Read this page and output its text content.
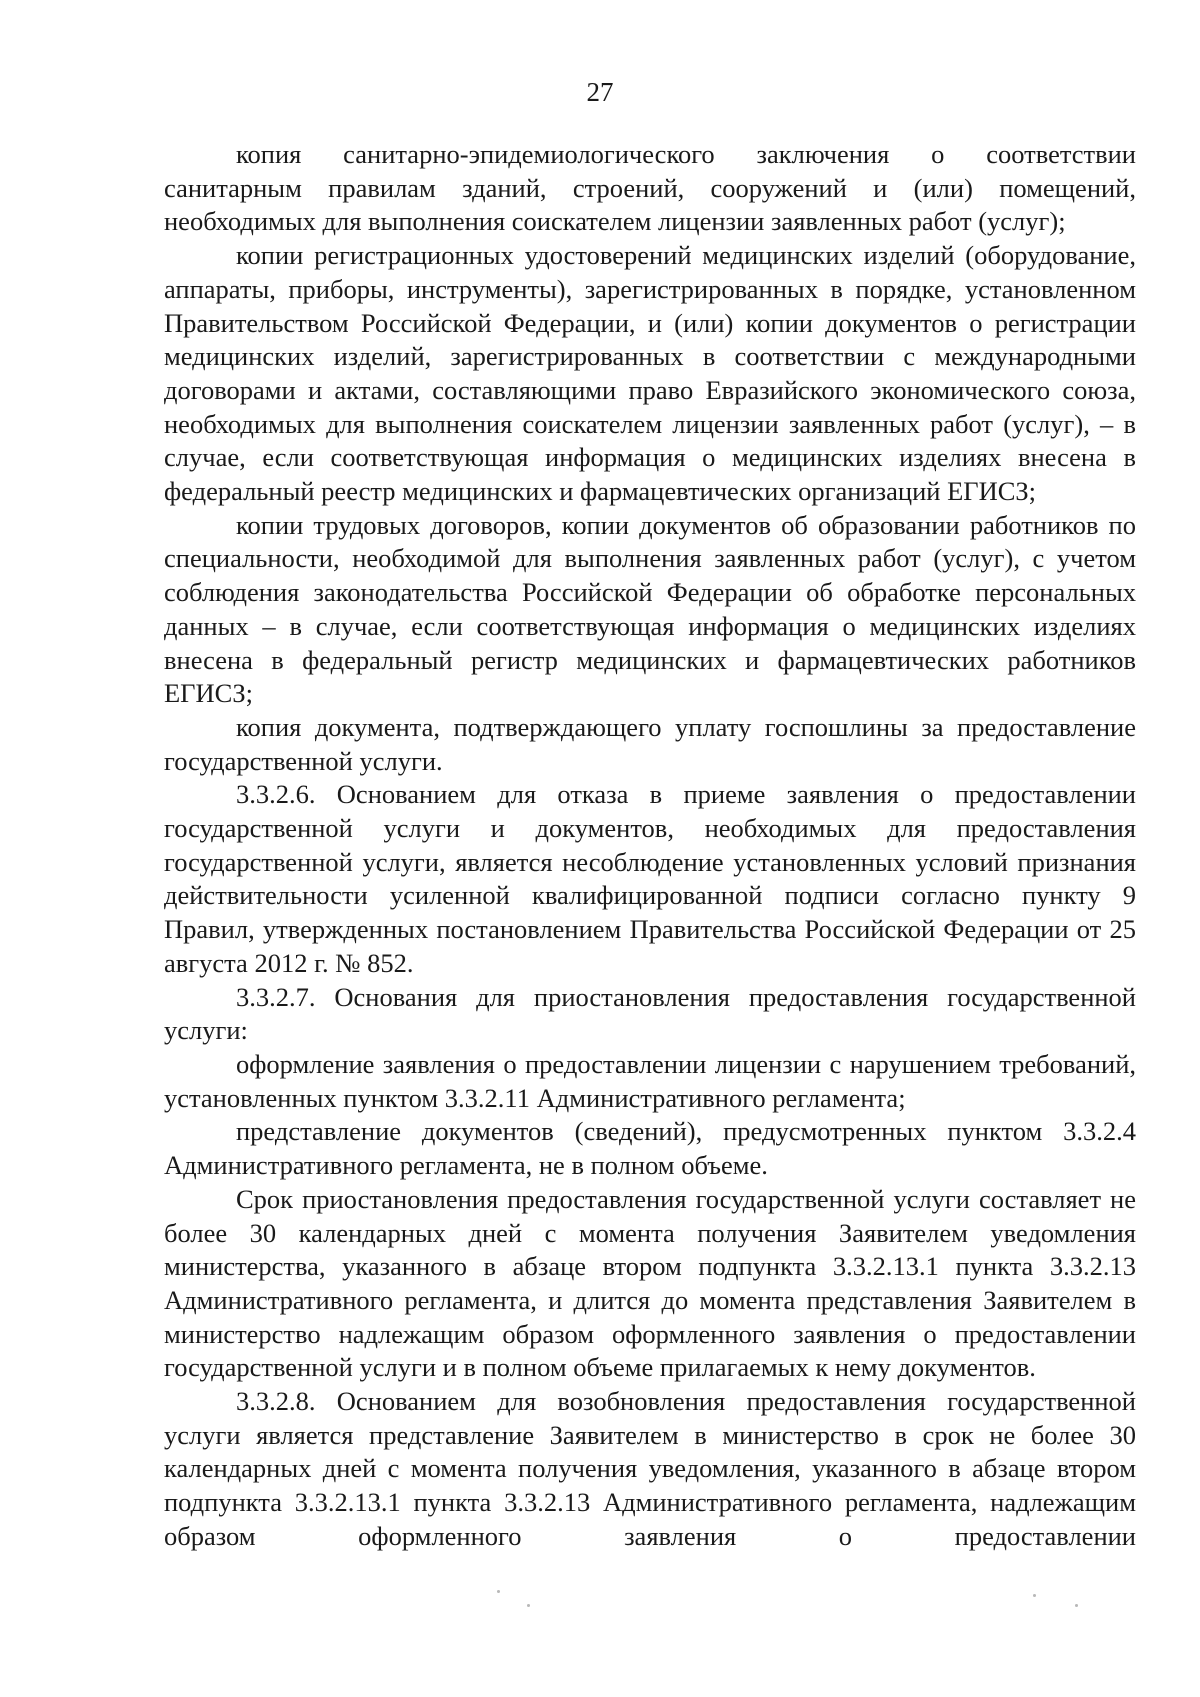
27

копия санитарно-эпидемиологического заключения о соответствии санитарным правилам зданий, строений, сооружений и (или) помещений, необходимых для выполнения соискателем лицензии заявленных работ (услуг);

копии регистрационных удостоверений медицинских изделий (оборудование, аппараты, приборы, инструменты), зарегистрированных в порядке, установленном Правительством Российской Федерации, и (или) копии документов о регистрации медицинских изделий, зарегистрированных в соответствии с международными договорами и актами, составляющими право Евразийского экономического союза, необходимых для выполнения соискателем лицензии заявленных работ (услуг), – в случае, если соответствующая информация о медицинских изделиях внесена в федеральный реестр медицинских и фармацевтических организаций ЕГИСЗ;

копии трудовых договоров, копии документов об образовании работников по специальности, необходимой для выполнения заявленных работ (услуг), с учетом соблюдения законодательства Российской Федерации об обработке персональных данных – в случае, если соответствующая информация о медицинских изделиях внесена в федеральный регистр медицинских и фармацевтических работников ЕГИСЗ;

копия документа, подтверждающего уплату госпошлины за предоставление государственной услуги.

3.3.2.6. Основанием для отказа в приеме заявления о предоставлении государственной услуги и документов, необходимых для предоставления государственной услуги, является несоблюдение установленных условий признания действительности усиленной квалифицированной подписи согласно пункту 9 Правил, утвержденных постановлением Правительства Российской Федерации от 25 августа 2012 г. № 852.

3.3.2.7. Основания для приостановления предоставления государственной услуги:

оформление заявления о предоставлении лицензии с нарушением требований, установленных пунктом 3.3.2.11 Административного регламента;

представление документов (сведений), предусмотренных пунктом 3.3.2.4 Административного регламента, не в полном объеме.

Срок приостановления предоставления государственной услуги составляет не более 30 календарных дней с момента получения Заявителем уведомления министерства, указанного в абзаце втором подпункта 3.3.2.13.1 пункта 3.3.2.13 Административного регламента, и длится до момента представления Заявителем в министерство надлежащим образом оформленного заявления о предоставлении государственной услуги и в полном объеме прилагаемых к нему документов.

3.3.2.8. Основанием для возобновления предоставления государственной услуги является представление Заявителем в министерство в срок не более 30 календарных дней с момента получения уведомления, указанного в абзаце втором подпункта 3.3.2.13.1 пункта 3.3.2.13 Административного регламента, надлежащим образом оформленного заявления о предоставлении
